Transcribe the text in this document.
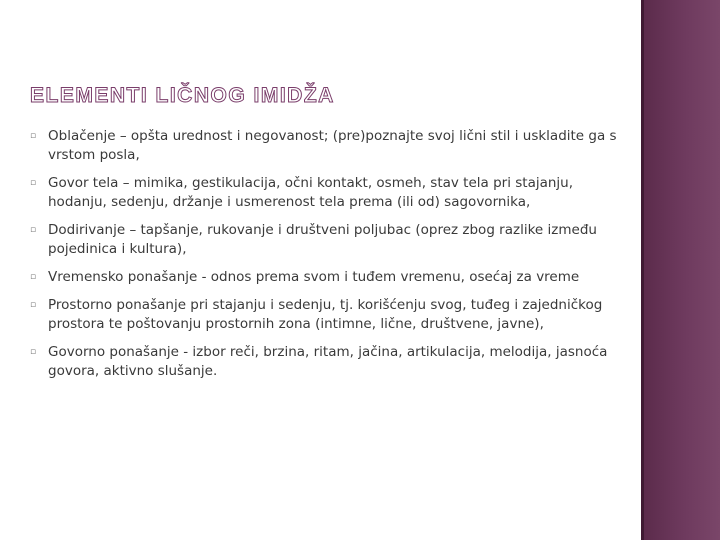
ELEMENTI LIČNOG IMIDŽA
▫ Oblačenje – opšta urednost i negovanost; (pre)poznajte svoj lični stil i uskladite ga s vrstom posla,
▫ Govor tela – mimika, gestikulacija, očni kontakt, osmeh, stav tela pri stajanju, hodanju, sedenju, držanje i usmerenost tela prema (ili od) sagovornika,
▫ Dodirivanje – tapšanje, rukovanje i društveni poljubac (oprez zbog razlike između pojedinica i kultura),
▫ Vremensko ponašanje - odnos prema svom i tuđem vremenu, osećaj za vreme
▫ Prostorno ponašanje pri stajanju i sedenju, tj. korišćenju svog, tuđeg i zajedničkog prostora te poštovanju prostornih zona (intimne, lične, društvene, javne),
▫ Govorno ponašanje - izbor reči, brzina, ritam, jačina, artikulacija, melodija, jasnoća govora, aktivno slušanje.
